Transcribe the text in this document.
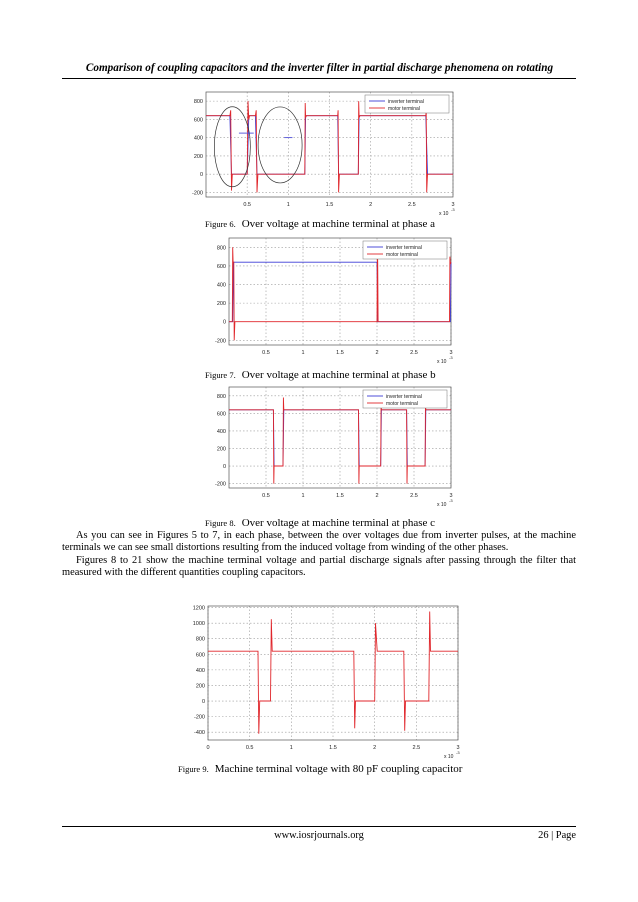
Comparison of coupling capacitors and the inverter filter in partial discharge phenomena on rotating
0.5	1	1.5	2	2.5	3
800
600
400
200
0
-200
x 10
-3
inverter terminal
motor terminal
Figure 6. Over voltage at machine terminal at phase a
0.5	1	1.5	2	2.5	3
800
600
400
200
0
-200
x 10
-3
inverter terminal
motor terminal
Figure 7. Over voltage at machine terminal at phase b
0.5	1	1.5	2	2.5	3
800
600
400
200
0
-200
x 10
-3
inverter terminal
motor terminal
Figure 8. Over voltage at machine terminal at phase c

As you can see in Figures 5 to 7, in each phase, between the over voltages due from inverter pulses, at the machine terminals we can see small distortions resulting from the induced voltage from winding of the other phases.

Figures 8 to 21 show the machine terminal voltage and partial discharge signals after passing through the filter that measured with the different quantities coupling capacitors.

0	0.5	1	1.5	2	2.5	3
1200
1000
800
600
400
200
0
-200
-400
x 10
-3
Figure 9. Machine terminal voltage with 80 pF coupling capacitor
www.iosrjournals.org	26 | Page
